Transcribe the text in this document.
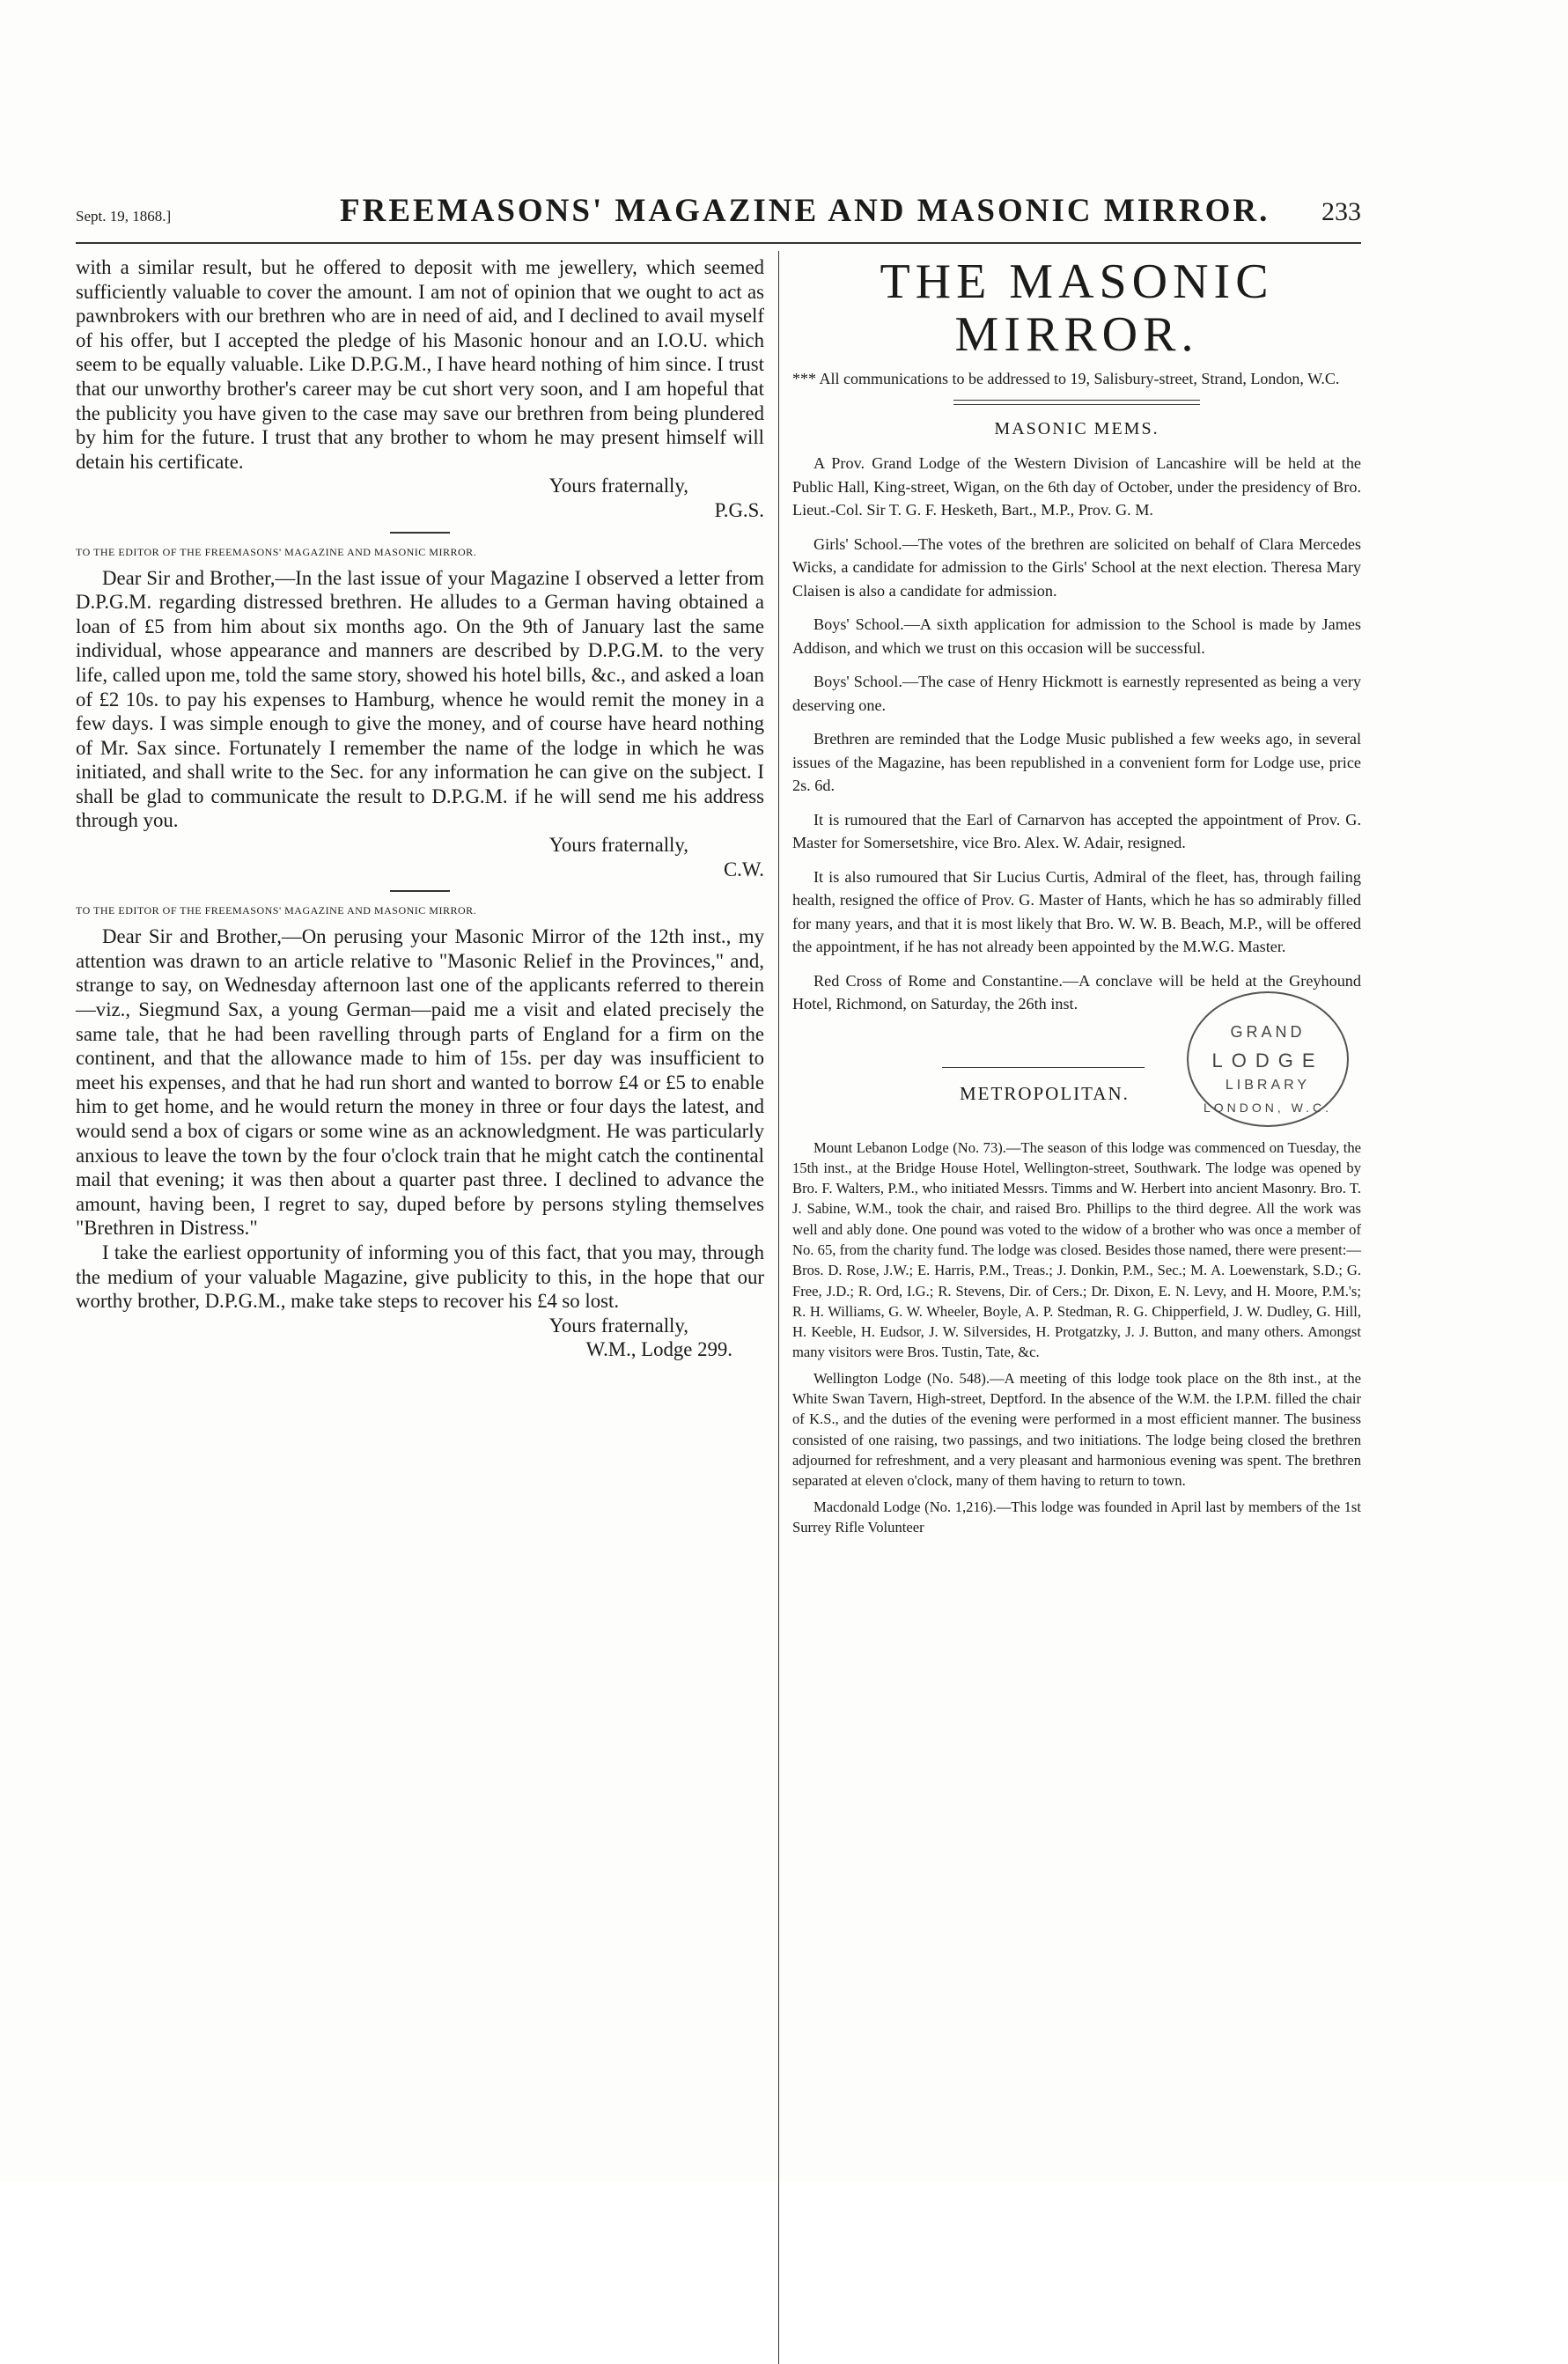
Sept. 19, 1868.]	FREEMASONS' MAGAZINE AND MASONIC MIRROR. 233

with a similar result, but he offered to deposit with me jewellery, which seemed sufficiently valuable to cover the amount. I am not of opinion that we ought to act as pawnbrokers with our brethren who are in need of aid, and I declined to avail myself of his offer, but I accepted the pledge of his Masonic honour and an I.O.U. which seem to be equally valuable. Like D.P.G.M., I have heard nothing of him since. I trust that our unworthy brother's career may be cut short very soon, and I am hopeful that the publicity you have given to the case may save our brethren from being plundered by him for the future. I trust that any brother to whom he may present himself will detain his certificate.

Yours fraternally,

P.G.S.

TO THE EDITOR OF THE FREEMASONS' MAGAZINE AND MASONIC MIRROR.

Dear Sir and Brother,—In the last issue of your Magazine I observed a letter from D.P.G.M. regarding distressed brethren. He alludes to a German having obtained a loan of £5 from him about six months ago. On the 9th of January last the same individual, whose appearance and manners are described by D.P.G.M. to the very life, called upon me, told the same story, showed his hotel bills, &c., and asked a loan of £2 10s. to pay his expenses to Hamburg, whence he would remit the money in a few days. I was simple enough to give the money, and of course have heard nothing of Mr. Sax since. Fortunately I remember the name of the lodge in which he was initiated, and shall write to the Sec. for any information he can give on the subject. I shall be glad to communicate the result to D.P.G.M. if he will send me his address through you.

Yours fraternally,

C.W.

TO THE EDITOR OF THE FREEMASONS' MAGAZINE AND MASONIC MIRROR.

Dear Sir and Brother,—On perusing your Masonic Mirror of the 12th inst., my attention was drawn to an article relative to "Masonic Relief in the Provinces," and, strange to say, on Wednesday afternoon last one of the applicants referred to therein—viz., Siegmund Sax, a young German—paid me a visit and elated precisely the same tale, that he had been ravelling through parts of England for a firm on the continent, and that the allowance made to him of 15s. per day was insufficient to meet his expenses, and that he had run short and wanted to borrow £4 or £5 to enable him to get home, and he would return the money in three or four days the latest, and would send a box of cigars or some wine as an acknowledgment. He was particularly anxious to leave the town by the four o'clock train that he might catch the continental mail that evening; it was then about a quarter past three. I declined to advance the amount, having been, I regret to say, duped before by persons styling themselves "Brethren in Distress."

I take the earliest opportunity of informing you of this fact, that you may, through the medium of your valuable Magazine, give publicity to this, in the hope that our worthy brother, D.P.G.M., make take steps to recover his £4 so lost.

Yours fraternally,

W.M., Lodge 299.

THE MASONIC MIRROR.

*** All communications to be addressed to 19, Salisbury-street, Strand, London, W.C.

MASONIC MEMS.

A Prov. Grand Lodge of the Western Division of Lancashire will be held at the Public Hall, King-street, Wigan, on the 6th day of October, under the presidency of Bro. Lieut.-Col. Sir T. G. F. Hesketh, Bart., M.P., Prov. G. M.

Girls' School.—The votes of the brethren are solicited on behalf of Clara Mercedes Wicks, a candidate for admission to the Girls' School at the next election. Theresa Mary Claisen is also a candidate for admission.

Boys' School.—A sixth application for admission to the School is made by James Addison, and which we trust on this occasion will be successful.

Boys' School.—The case of Henry Hickmott is earnestly represented as being a very deserving one.

Brethren are reminded that the Lodge Music published a few weeks ago, in several issues of the Magazine, has been republished in a convenient form for Lodge use, price 2s. 6d.

It is rumoured that the Earl of Carnarvon has accepted the appointment of Prov. G. Master for Somersetshire, vice Bro. Alex. W. Adair, resigned.

It is also rumoured that Sir Lucius Curtis, Admiral of the fleet, has, through failing health, resigned the office of Prov. G. Master of Hants, which he has so admirably filled for many years, and that it is most likely that Bro. W. W. B. Beach, M.P., will be offered the appointment, if he has not already been appointed by the M.W.G. Master.

Red Cross of Rome and Constantine.—A conclave will be held at the Greyhound Hotel, Richmond, on Saturday, the 26th inst.

METROPOLITAN.
GRAND
LODGE
LIBRARY
LONDON, W.C.

Mount Lebanon Lodge (No. 73).—The season of this lodge was commenced on Tuesday, the 15th inst., at the Bridge House Hotel, Wellington-street, Southwark. The lodge was opened by Bro. F. Walters, P.M., who initiated Messrs. Timms and W. Herbert into ancient Masonry. Bro. T. J. Sabine, W.M., took the chair, and raised Bro. Phillips to the third degree. All the work was well and ably done. One pound was voted to the widow of a brother who was once a member of No. 65, from the charity fund. The lodge was closed. Besides those named, there were present:—Bros. D. Rose, J.W.; E. Harris, P.M., Treas.; J. Donkin, P.M., Sec.; M. A. Loewenstark, S.D.; G. Free, J.D.; R. Ord, I.G.; R. Stevens, Dir. of Cers.; Dr. Dixon, E. N. Levy, and H. Moore, P.M.'s; R. H. Williams, G. W. Wheeler, Boyle, A. P. Stedman, R. G. Chipperfield, J. W. Dudley, G. Hill, H. Keeble, H. Eudsor, J. W. Silversides, H. Protgatzky, J. J. Button, and many others. Amongst many visitors were Bros. Tustin, Tate, &c.

Wellington Lodge (No. 548).—A meeting of this lodge took place on the 8th inst., at the White Swan Tavern, High-street, Deptford. In the absence of the W.M. the I.P.M. filled the chair of K.S., and the duties of the evening were performed in a most efficient manner. The business consisted of one raising, two passings, and two initiations. The lodge being closed the brethren adjourned for refreshment, and a very pleasant and harmonious evening was spent. The brethren separated at eleven o'clock, many of them having to return to town.

Macdonald Lodge (No. 1,216).—This lodge was founded in April last by members of the 1st Surrey Rifle Volunteer
